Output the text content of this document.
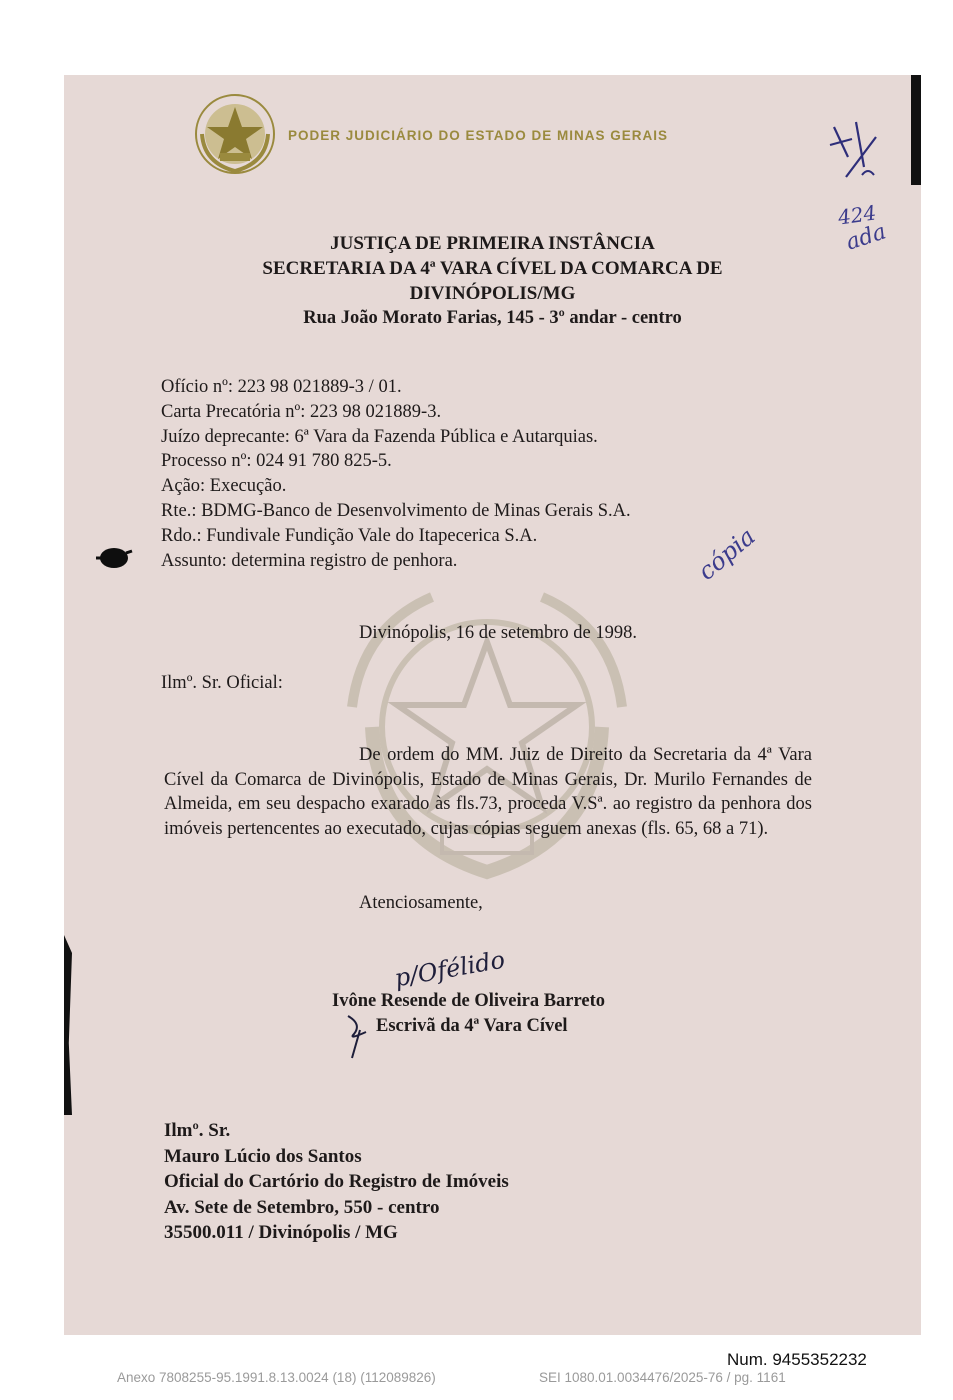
PODER JUDICIÁRIO DO ESTADO DE MINAS GERAIS
424
ada
JUSTIÇA DE PRIMEIRA INSTÂNCIA
SECRETARIA DA 4ª VARA CÍVEL DA COMARCA DE
DIVINÓPOLIS/MG
Rua João Morato Farias, 145 - 3º andar - centro
Ofício nº: 223 98 021889-3 / 01.
Carta Precatória nº: 223 98 021889-3.
Juízo deprecante: 6ª Vara da Fazenda Pública e Autarquias.
Processo nº: 024 91 780 825-5.
Ação: Execução.
Rte.: BDMG-Banco de Desenvolvimento de Minas Gerais S.A.
Rdo.: Fundivale Fundição Vale do Itapecerica S.A.
Assunto: determina registro de penhora.	cópia
Divinópolis, 16 de setembro de 1998.
Ilmº. Sr. Oficial:
De ordem do MM. Juiz de Direito da Secretaria da 4ª Vara Cível da Comarca de Divinópolis, Estado de Minas Gerais, Dr. Murilo Fernandes de Almeida, em seu despacho exarado às fls.73, proceda V.Sª. ao registro da penhora dos imóveis pertencentes ao executado, cujas cópias seguem anexas (fls. 65, 68 a 71).
Atenciosamente,
p/Ofélido
Ivône Resende de Oliveira Barreto
Escrivã da 4ª Vara Cível
Ilmº. Sr.
Mauro Lúcio dos Santos
Oficial do Cartório do Registro de Imóveis
Av. Sete de Setembro, 550 - centro
35500.011 / Divinópolis / MG
Num. 9455352232
Anexo 7808255-95.1991.8.13.0024 (18) (112089826)	SEI 1080.01.0034476/2025-76 / pg. 1161
